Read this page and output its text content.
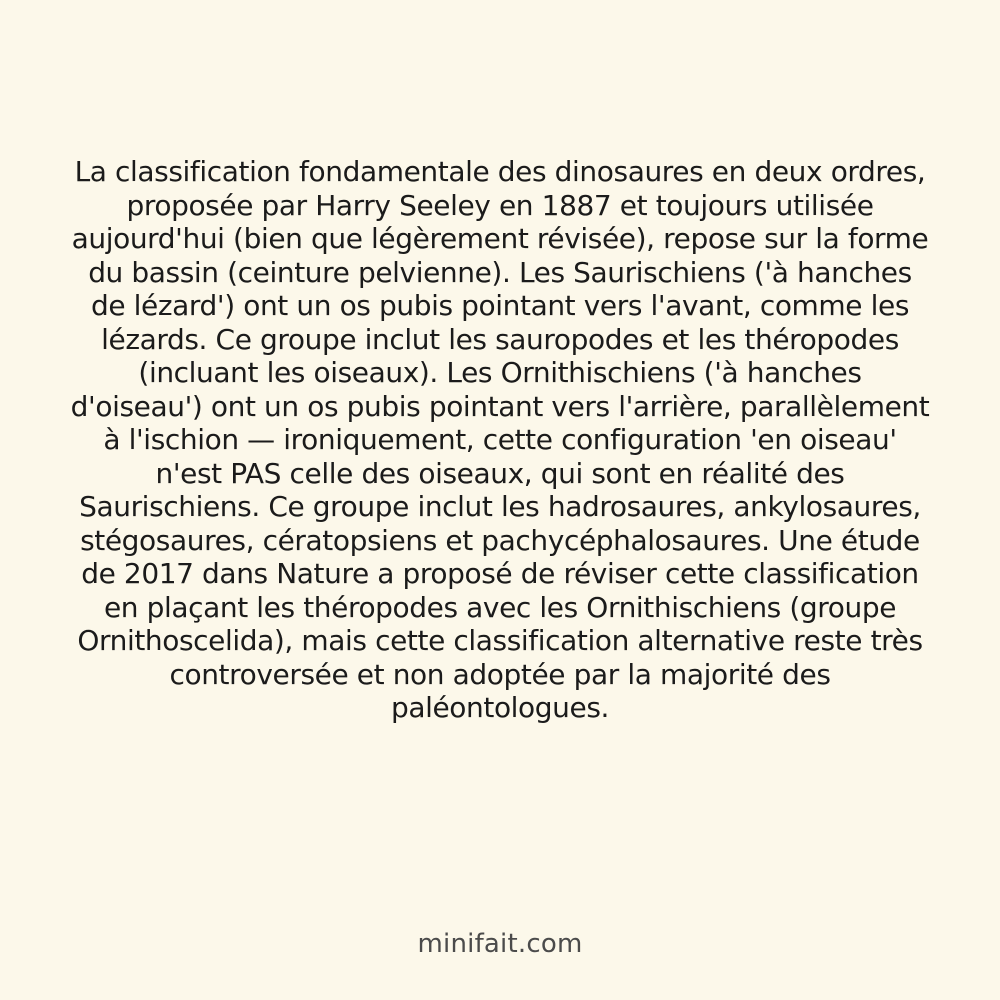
La classification fondamentale des dinosaures en deux ordres, proposée par Harry Seeley en 1887 et toujours utilisée aujourd'hui (bien que légèrement révisée), repose sur la forme du bassin (ceinture pelvienne). Les Saurischiens ('à hanches de lézard') ont un os pubis pointant vers l'avant, comme les lézards. Ce groupe inclut les sauropodes et les théropodes (incluant les oiseaux). Les Ornithischiens ('à hanches d'oiseau') ont un os pubis pointant vers l'arrière, parallèlement à l'ischion — ironiquement, cette configuration 'en oiseau' n'est PAS celle des oiseaux, qui sont en réalité des Saurischiens. Ce groupe inclut les hadrosaures, ankylosaures, stégosaures, cératopsiens et pachycéphalosaures. Une étude de 2017 dans Nature a proposé de réviser cette classification en plaçant les théropodes avec les Ornithischiens (groupe Ornithoscelida), mais cette classification alternative reste très controversée et non adoptée par la majorité des paléontologues.

minifait.com
